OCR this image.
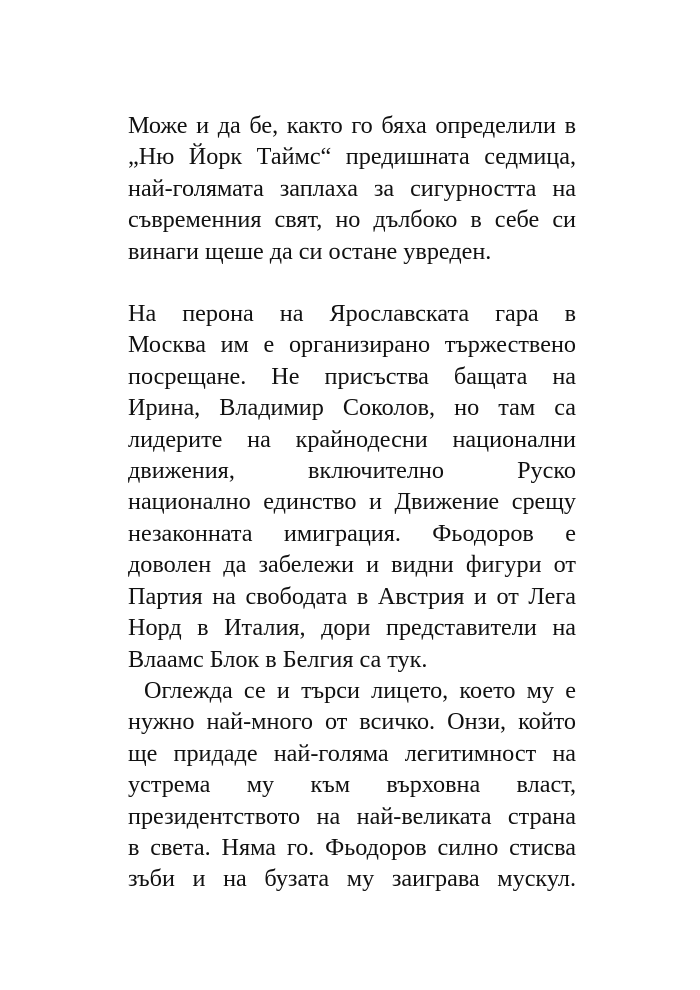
Може и да бе, както го бяха определили в
„Ню Йорк Таймс“ предишната седмица,
най-голямата заплаха за сигурността на
съвременния свят, но дълбоко в себе си
винаги щеше да си остане увреден.

На перона на Ярославската гара в
Москва им е организирано тържествено
посрещане. Не присъства бащата на
Ирина, Владимир Соколов, но там са
лидерите на крайнодесни национални
движения, включително Руско
национално единство и Движение срещу
незаконната имиграция. Фьодоров е
доволен да забележи и видни фигури от
Партия на свободата в Австрия и от Лега
Норд в Италия, дори представители на
Влаамс Блок в Белгия са тук.

Оглежда се и търси лицето, което му е
нужно най-много от всичко. Онзи, който
ще придаде най-голяма легитимност на
устрема му към върховна власт,
президентството на най-великата страна
в света. Няма го. Фьодоров силно стисва
зъби и на бузата му заиграва мускул.
